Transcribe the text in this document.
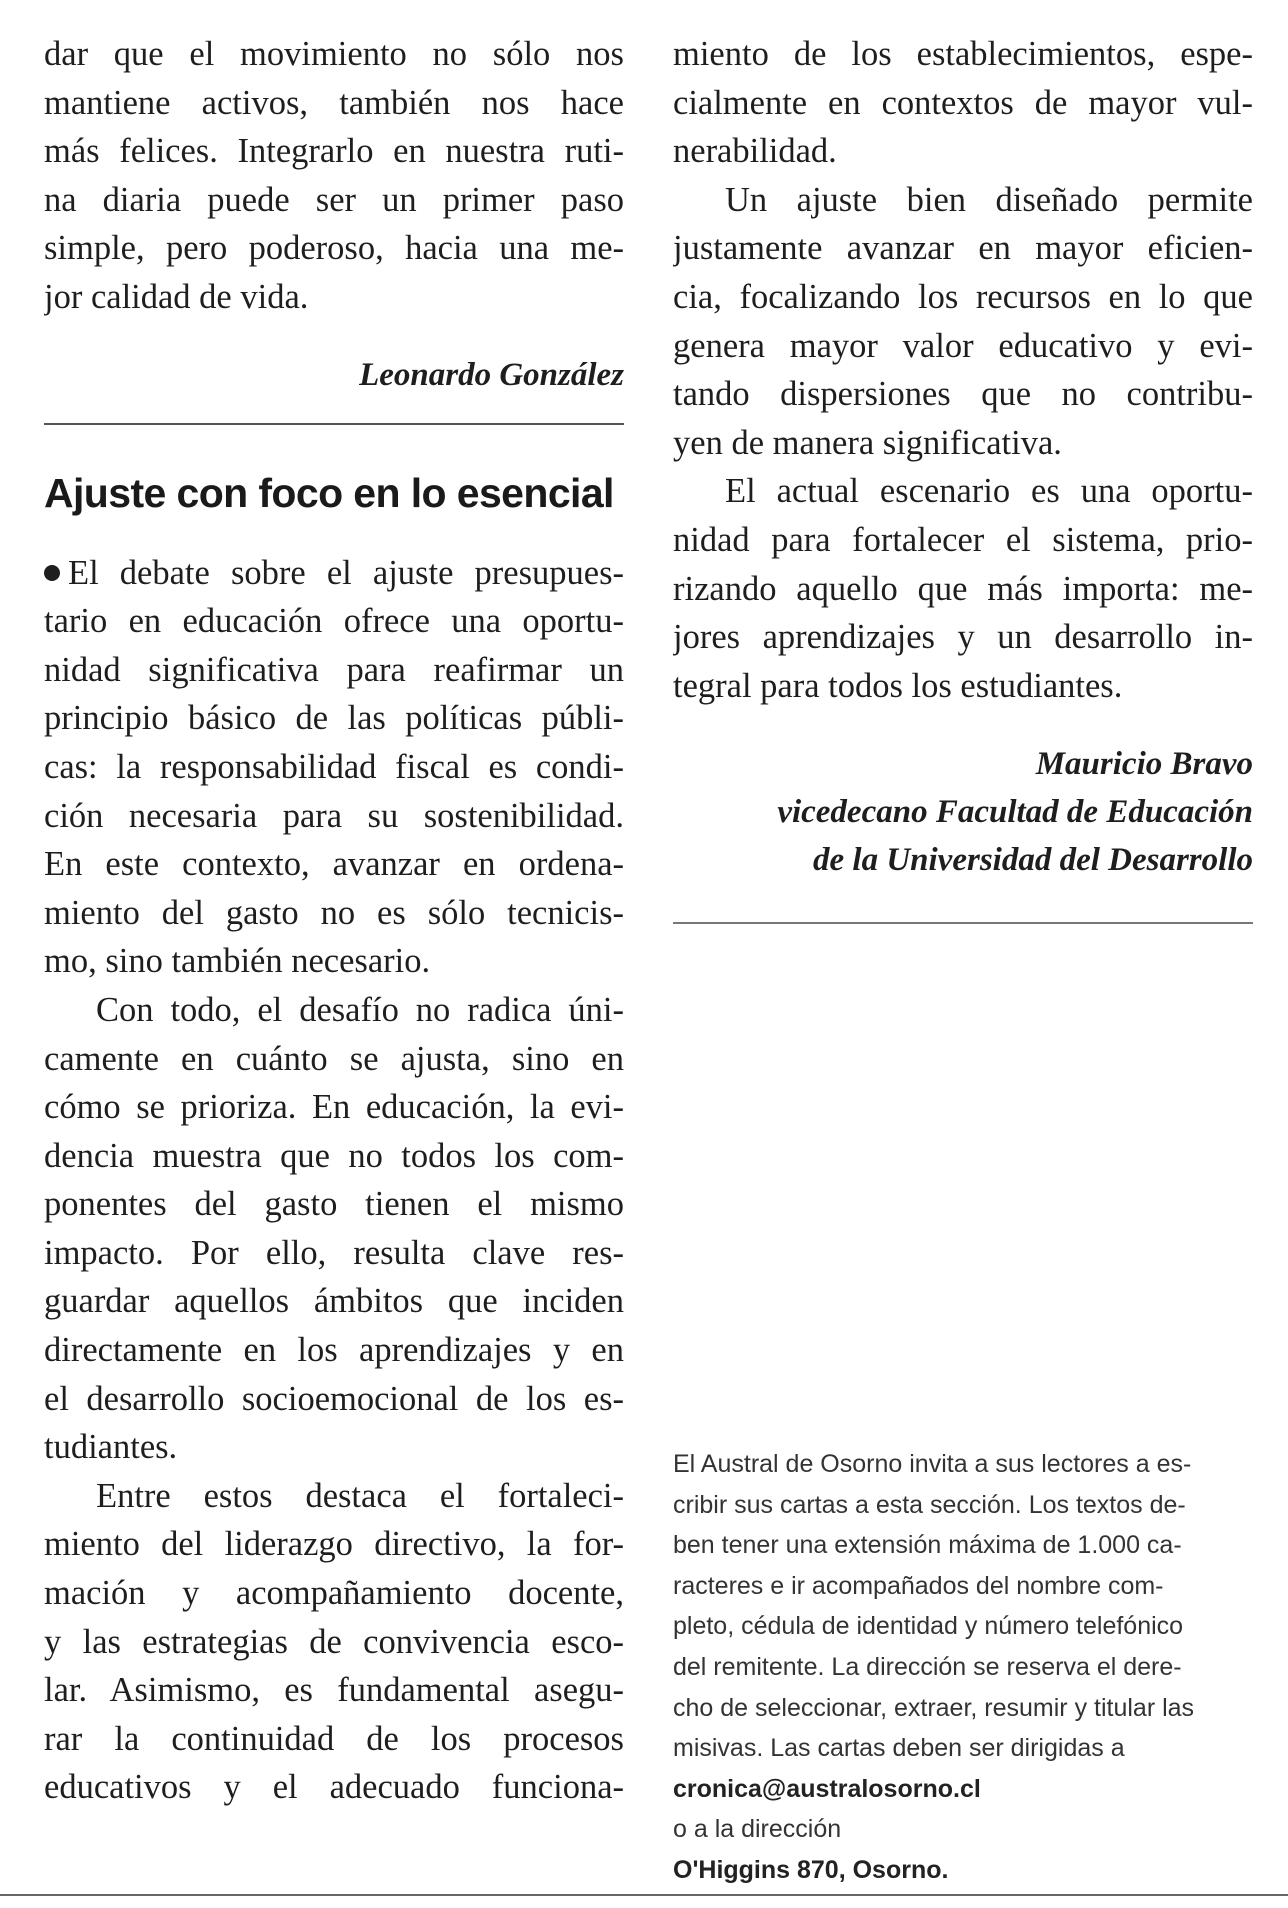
dar que el movimiento no sólo nos
mantiene activos, también nos hace
más felices. Integrarlo en nuestra ruti-
na diaria puede ser un primer paso
simple, pero poderoso, hacia una me-
jor calidad de vida.
Leonardo González
Ajuste con foco en lo esencial
El debate sobre el ajuste presupues-
tario en educación ofrece una oportu-
nidad significativa para reafirmar un
principio básico de las políticas públi-
cas: la responsabilidad fiscal es condi-
ción necesaria para su sostenibilidad.
En este contexto, avanzar en ordena-
miento del gasto no es sólo tecnicis-
mo, sino también necesario.
Con todo, el desafío no radica úni-
camente en cuánto se ajusta, sino en
cómo se prioriza. En educación, la evi-
dencia muestra que no todos los com-
ponentes del gasto tienen el mismo
impacto. Por ello, resulta clave res-
guardar aquellos ámbitos que inciden
directamente en los aprendizajes y en
el desarrollo socioemocional de los es-
tudiantes.
Entre estos destaca el fortaleci-
miento del liderazgo directivo, la for-
mación y acompañamiento docente,
y las estrategias de convivencia esco-
lar. Asimismo, es fundamental asegu-
rar la continuidad de los procesos
educativos y el adecuado funciona-
miento de los establecimientos, espe-
cialmente en contextos de mayor vul-
nerabilidad.
Un ajuste bien diseñado permite
justamente avanzar en mayor eficien-
cia, focalizando los recursos en lo que
genera mayor valor educativo y evi-
tando dispersiones que no contribu-
yen de manera significativa.
El actual escenario es una oportu-
nidad para fortalecer el sistema, prio-
rizando aquello que más importa: me-
jores aprendizajes y un desarrollo in-
tegral para todos los estudiantes.
Mauricio Bravo
vicedecano Facultad de Educación
de la Universidad del Desarrollo
El Austral de Osorno invita a sus lectores a es-
cribir sus cartas a esta sección. Los textos de-
ben tener una extensión máxima de 1.000 ca-
racteres e ir acompañados del nombre com-
pleto, cédula de identidad y número telefónico
del remitente. La dirección se reserva el dere-
cho de seleccionar, extraer, resumir y titular las
misivas. Las cartas deben ser dirigidas a
cronica@australosorno.cl
o a la dirección
O'Higgins 870, Osorno.
